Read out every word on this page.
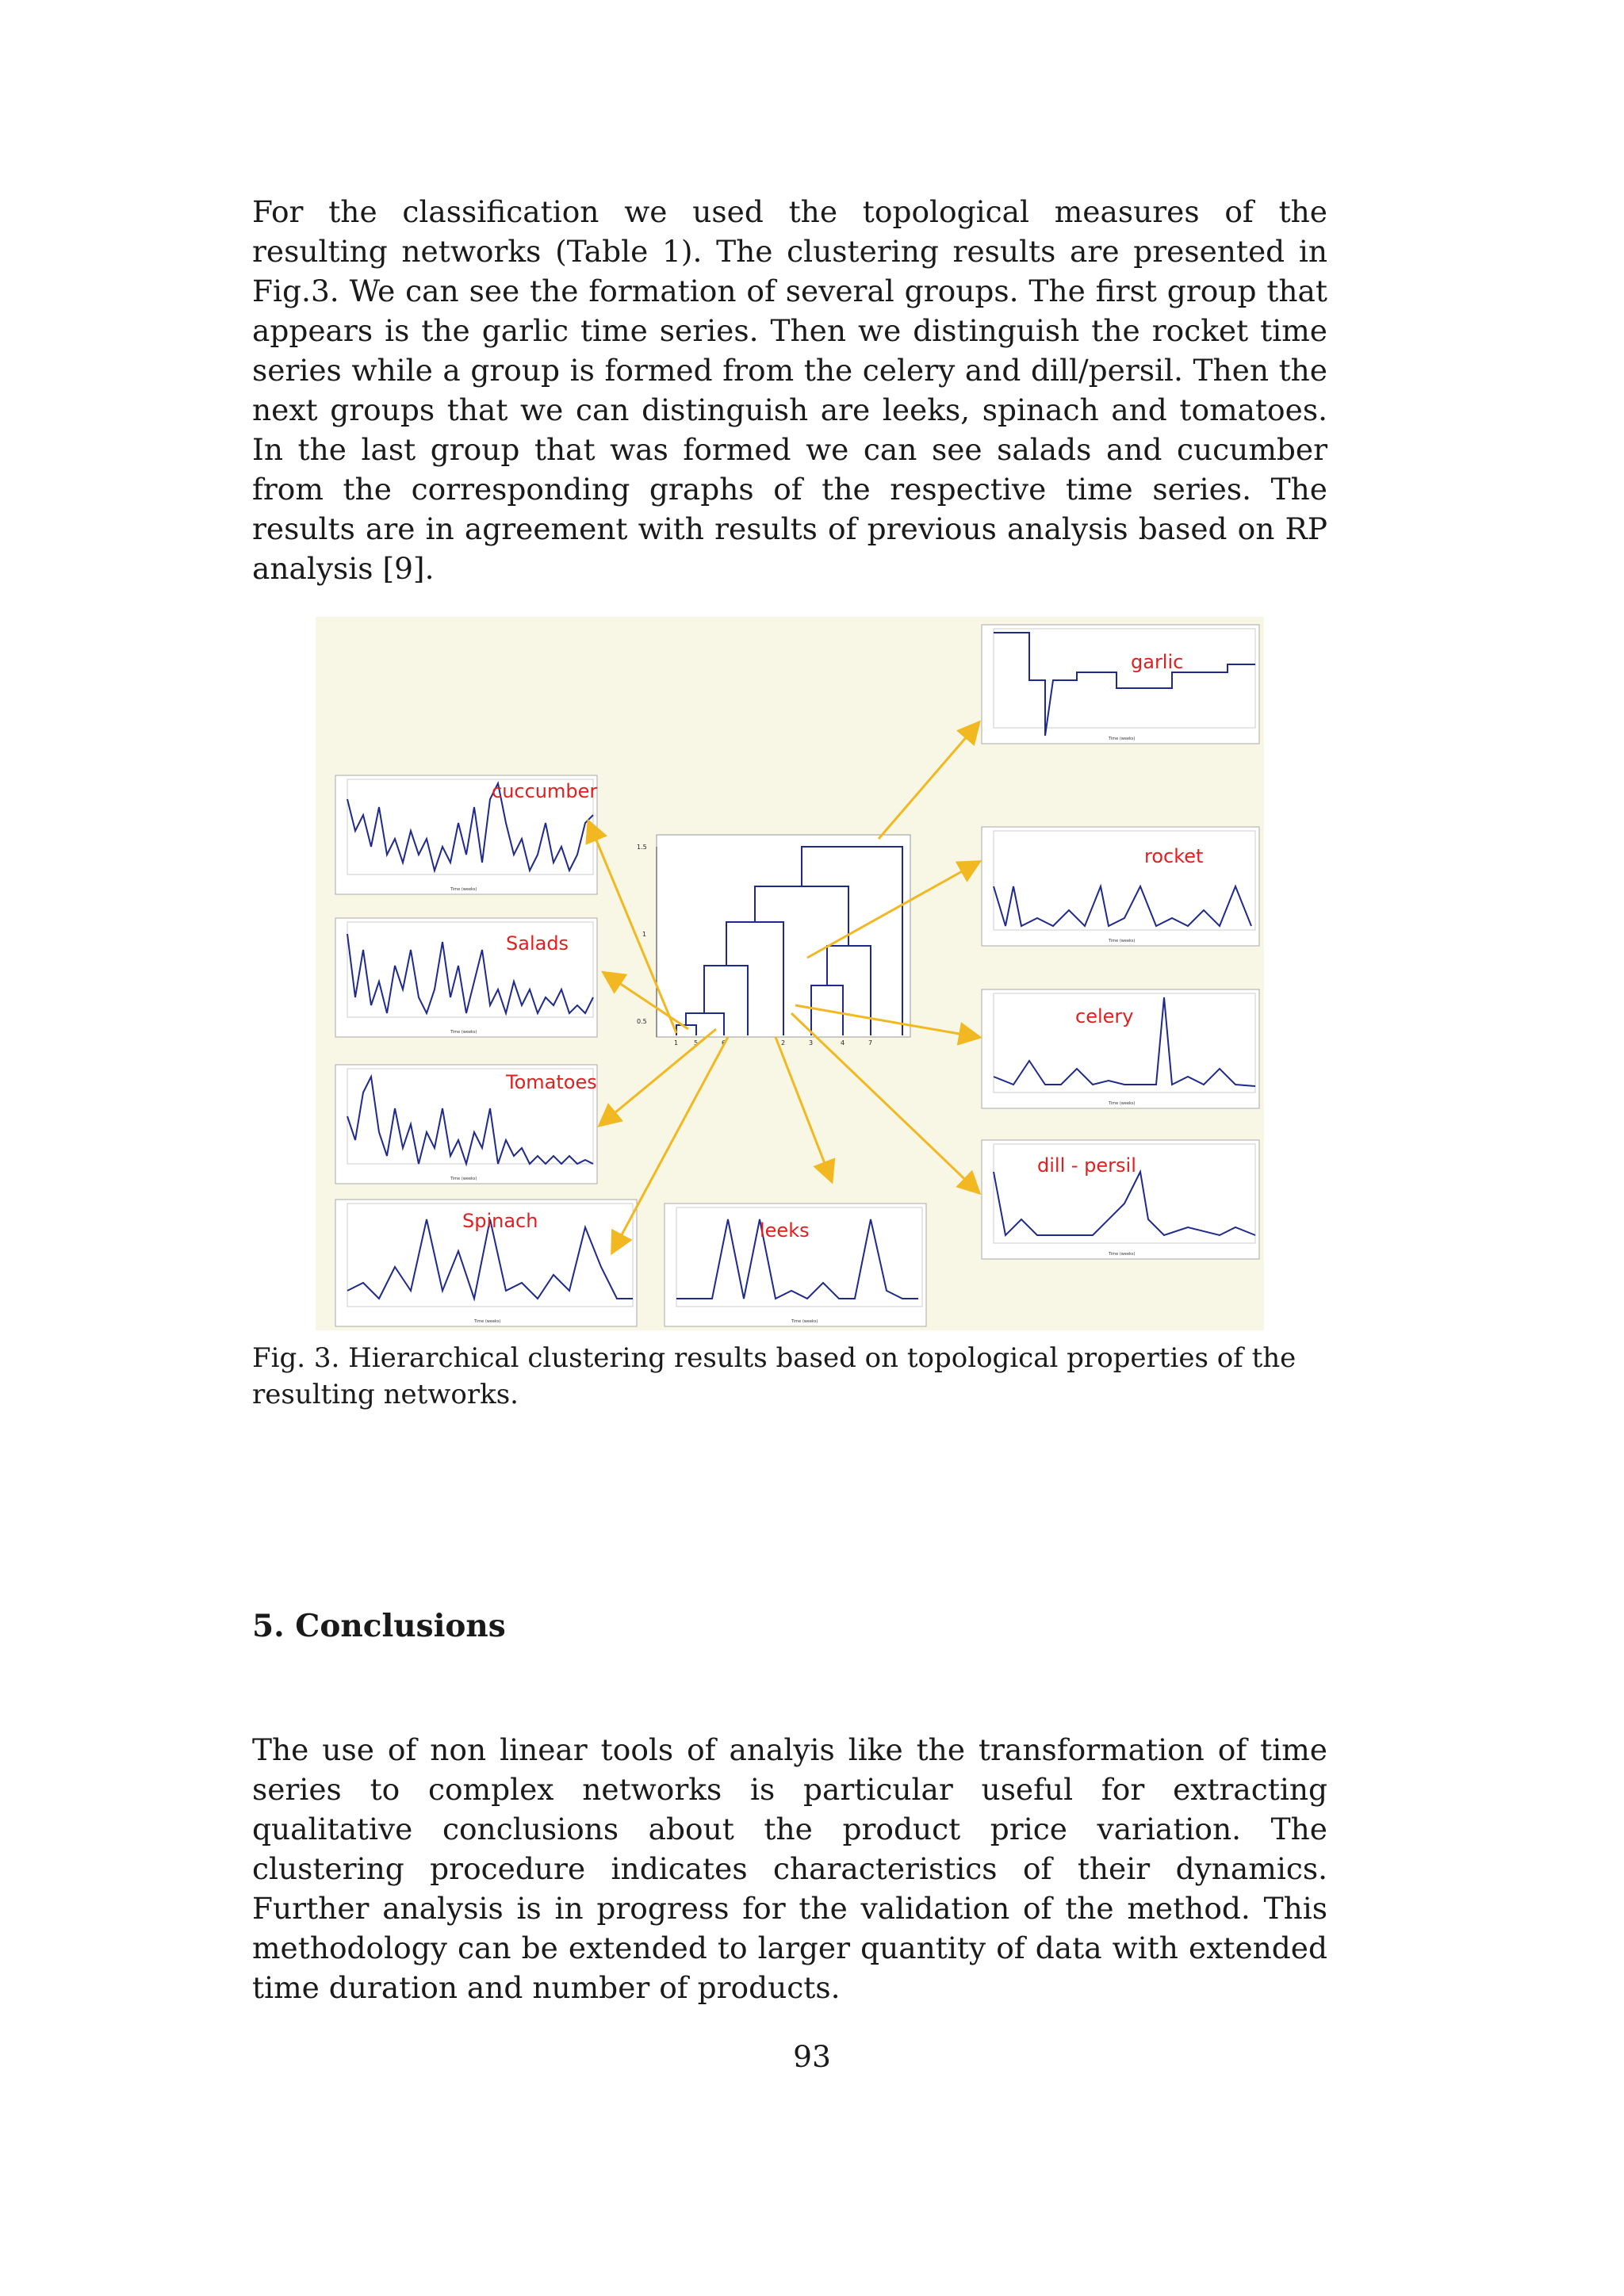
For the classification we used the topological measures of the resulting networks (Table 1). The clustering results are presented in Fig.3. We can see the formation of several groups. The first group that appears is the garlic time series. Then we distinguish the rocket time series while a group is formed from the celery and dill/persil. Then the next groups that we can distinguish are leeks, spinach and tomatoes. In the last group that was formed we can see salads and cucumber from the corresponding graphs of the respective time series. The results are in agreement with results of previous analysis based on RP analysis [9].

cuccumber
Time (weeks)
Salads
Time (weeks)
Tomatoes
Time (weeks)
Spinach
Time (weeks)
leeks
Time (weeks)
garlic
Time (weeks)
rocket
Time (weeks)
celery
Time (weeks)
dill - persil
Time (weeks)
1.5
1
0.5
1 5	6	2	3	4	7

Fig. 3. Hierarchical clustering results based on topological properties of the resulting networks.

5. Conclusions

The use of non linear tools of analyis like the transformation of time series to complex networks is particular useful for extracting qualitative conclusions about the product price variation. The clustering procedure indicates characteristics of their dynamics. Further analysis is in progress for the validation of the method. This methodology can be extended to larger quantity of data with extended time duration and number of products.

93
